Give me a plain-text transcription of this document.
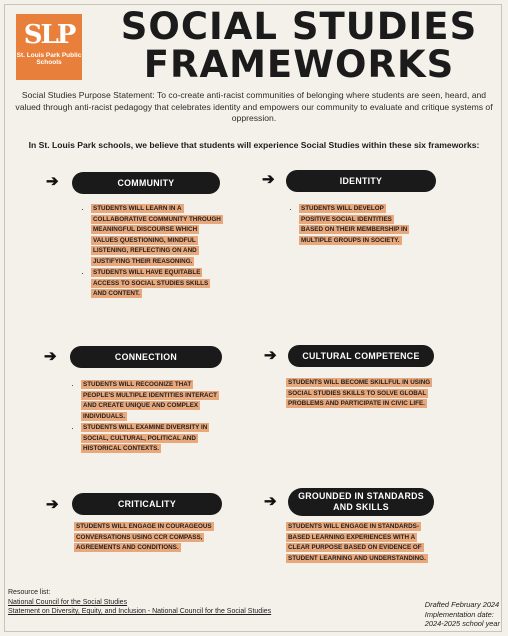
SLP
St. Louis Park Public Schools
SOCIAL STUDIES
FRAMEWORKS
Social Studies Purpose Statement: To co-create anti-racist communities of belonging where students are seen, heard, and valued through anti-racist pedagogy that celebrates identity and empowers our community to evaluate and critique systems of oppression.
In St. Louis Park schools, we believe that students will experience Social Studies within these six frameworks:
➔	COMMUNITY
• STUDENTS WILL LEARN IN A COLLABORATIVE COMMUNITY THROUGH MEANINGFUL DISCOURSE WHICH VALUES QUESTIONING, MINDFUL LISTENING, REFLECTING ON AND JUSTIFYING THEIR REASONING.
• STUDENTS WILL HAVE EQUITABLE ACCESS TO SOCIAL STUDIES SKILLS AND CONTENT.
➔	IDENTITY
• STUDENTS WILL DEVELOP POSITIVE SOCIAL IDENTITIES BASED ON THEIR MEMBERSHIP IN MULTIPLE GROUPS IN SOCIETY.
➔	CONNECTION
• STUDENTS WILL RECOGNIZE THAT PEOPLE'S MULTIPLE IDENTITIES INTERACT AND CREATE UNIQUE AND COMPLEX INDIVIDUALS.
• STUDENTS WILL EXAMINE DIVERSITY IN SOCIAL, CULTURAL, POLITICAL AND HISTORICAL CONTEXTS.
➔	CULTURAL COMPETENCE
STUDENTS WILL BECOME SKILLFUL IN USING SOCIAL STUDIES SKILLS TO SOLVE GLOBAL PROBLEMS AND PARTICIPATE IN CIVIC LIFE.
➔	CRITICALITY
STUDENTS WILL ENGAGE IN COURAGEOUS CONVERSATIONS USING CCR COMPASS, AGREEMENTS AND CONDITIONS.
➔	GROUNDED IN STANDARDS AND SKILLS
STUDENTS WILL ENGAGE IN STANDARDS-BASED LEARNING EXPERIENCES WITH A CLEAR PURPOSE BASED ON EVIDENCE OF STUDENT LEARNING AND UNDERSTANDING.
Resource list:
National Council for the Social Studies
Statement on Diversity, Equity, and Inclusion - National Council for the Social Studies
Drafted February 2024
Implementation date:
2024-2025 school year
